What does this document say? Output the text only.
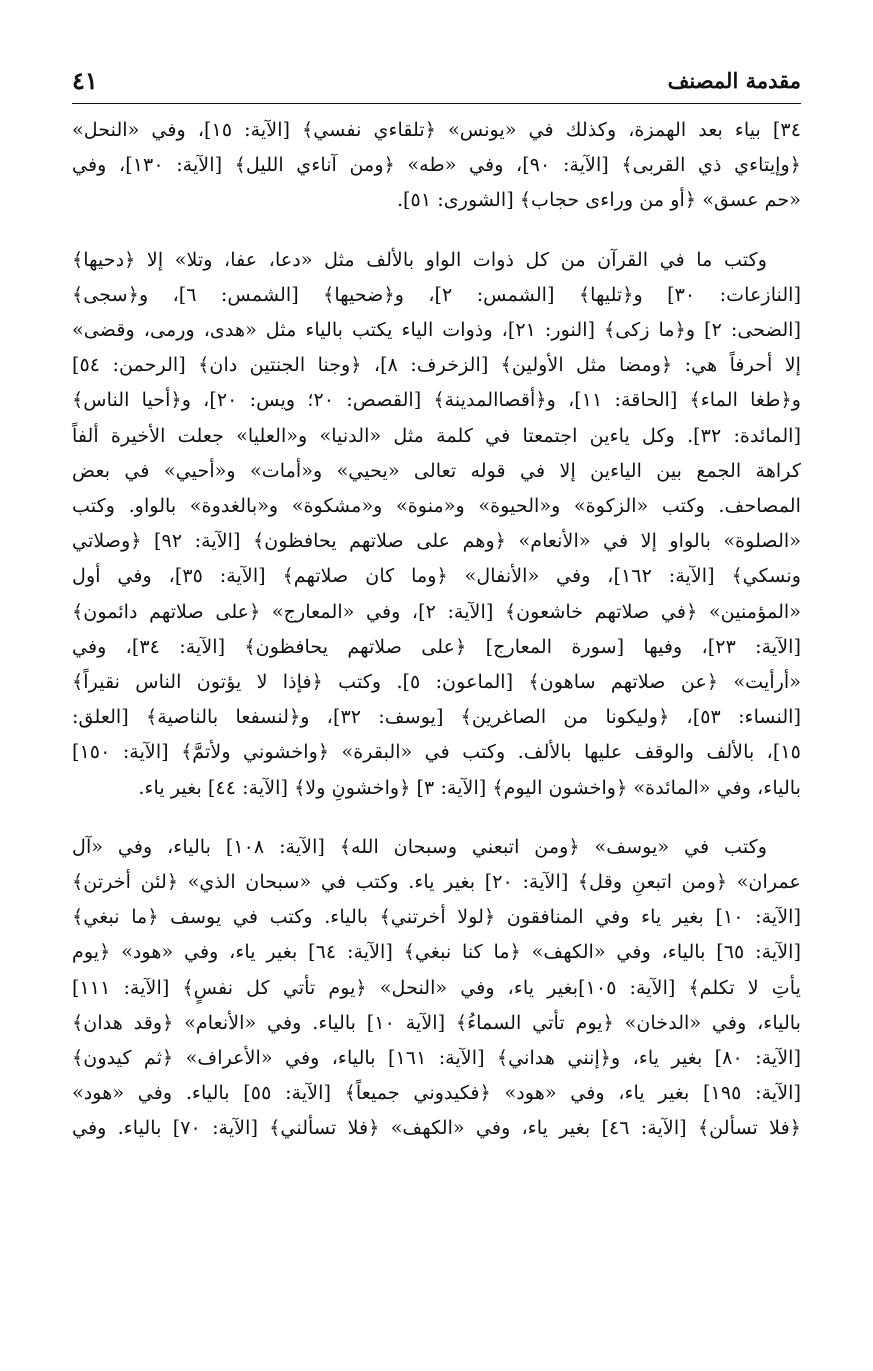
مقدمة المصنف
٤١
٣٤] بياء بعد الهمزة، وكذلك في «يونس» ﴿تلقاءي نفسي﴾ [الآية: ١٥]، وفي «النحل»
﴿وإيتاءي ذي القربى﴾ [الآية: ٩٠]، وفي «طه» ﴿ومن آناءي الليل﴾ [الآية: ١٣٠]، وفي
«حم عسق» ﴿أو من وراءى حجاب﴾ [الشورى: ٥١].
وكتب ما في القرآن من كل ذوات الواو بالألف مثل «دعا، عفا، وتلا» إلا ﴿دحيها﴾
[النازعات: ٣٠] و﴿تليها﴾ [الشمس: ٢]، و﴿ضحيها﴾ [الشمس: ٦]، و﴿سجى﴾
[الضحى: ٢] و﴿ما زكى﴾ [النور: ٢١]، وذوات الياء يكتب بالياء مثل «هدى، ورمى، وقضى»
إلا أحرفاً هي: ﴿ومضا مثل الأولين﴾ [الزخرف: ٨]، ﴿وجنا الجنتين دان﴾ [الرحمن: ٥٤]
و﴿طغا الماء﴾ [الحاقة: ١١]، و﴿أقصاالمدينة﴾ [القصص: ٢٠؛ ويس: ٢٠]، و﴿أحيا الناس﴾
[المائدة: ٣٢]. وكل ياءين اجتمعتا في كلمة مثل «الدنيا» و«العليا» جعلت الأخيرة ألفاً
كراهة الجمع بين الياءين إلا في قوله تعالى «يحيي» و«أمات» و«أحيي» في بعض
المصاحف. وكتب «الزكوة» و«الحيوة» و«منوة» و«مشكوة» و«بالغدوة» بالواو. وكتب
«الصلوة» بالواو إلا في «الأنعام» ﴿وهم على صلاتهم يحافظون﴾ [الآية: ٩٢] ﴿وصلاتي
ونسكي﴾ [الآية: ١٦٢]، وفي «الأنفال» ﴿وما كان صلاتهم﴾ [الآية: ٣٥]، وفي أول
«المؤمنين» ﴿في صلاتهم خاشعون﴾ [الآية: ٢]، وفي «المعارج» ﴿على صلاتهم دائمون﴾
[الآية: ٢٣]، وفيها [سورة المعارج] ﴿على صلاتهم يحافظون﴾ [الآية: ٣٤]، وفي
«أرأيت» ﴿عن صلاتهم ساهون﴾ [الماعون: ٥]. وكتب ﴿فإذا لا يؤتون الناس نقيراً﴾
[النساء: ٥٣]، ﴿وليكونا من الصاغرين﴾ [يوسف: ٣٢]، و﴿لنسفعا بالناصية﴾ [العلق:
١٥]، بالألف والوقف عليها بالألف. وكتب في «البقرة» ﴿واخشوني ولأتمَّ﴾ [الآية: ١٥٠]
بالياء، وفي «المائدة» ﴿واخشون اليوم﴾ [الآية: ٣] ﴿واخشونِ ولا﴾ [الآية: ٤٤] بغير ياء.
وكتب في «يوسف» ﴿ومن اتبعني وسبحان الله﴾ [الآية: ١٠٨] بالياء، وفي «آل
عمران» ﴿ومن اتبعنِ وقل﴾ [الآية: ٢٠] بغير ياء. وكتب في «سبحان الذي» ﴿لئن أخرتن﴾
[الآية: ١٠] بغير ياء وفي المنافقون ﴿لولا أخرتني﴾ بالياء. وكتب في يوسف ﴿ما نبغي﴾
[الآية: ٦٥] بالياء، وفي «الكهف» ﴿ما كنا نبغي﴾ [الآية: ٦٤] بغير ياء، وفي «هود» ﴿يوم
يأتِ لا تكلم﴾ [الآية: ١٠٥]بغير ياء، وفي «النحل» ﴿يوم تأتي كل نفسٍ﴾ [الآية: ١١١]
بالياء، وفي «الدخان» ﴿يوم تأتي السماءُ﴾ [الآية ١٠] بالياء. وفي «الأنعام» ﴿وقد هدان﴾
[الآية: ٨٠] بغير ياء، و﴿إنني هداني﴾ [الآية: ١٦١] بالياء، وفي «الأعراف» ﴿ثم كيدون﴾
[الآية: ١٩٥] بغير ياء، وفي «هود» ﴿فكيدوني جميعاً﴾ [الآية: ٥٥] بالياء. وفي «هود»
﴿فلا تسألن﴾ [الآية: ٤٦] بغير ياء، وفي «الكهف» ﴿فلا تسألني﴾ [الآية: ٧٠] بالياء. وفي
